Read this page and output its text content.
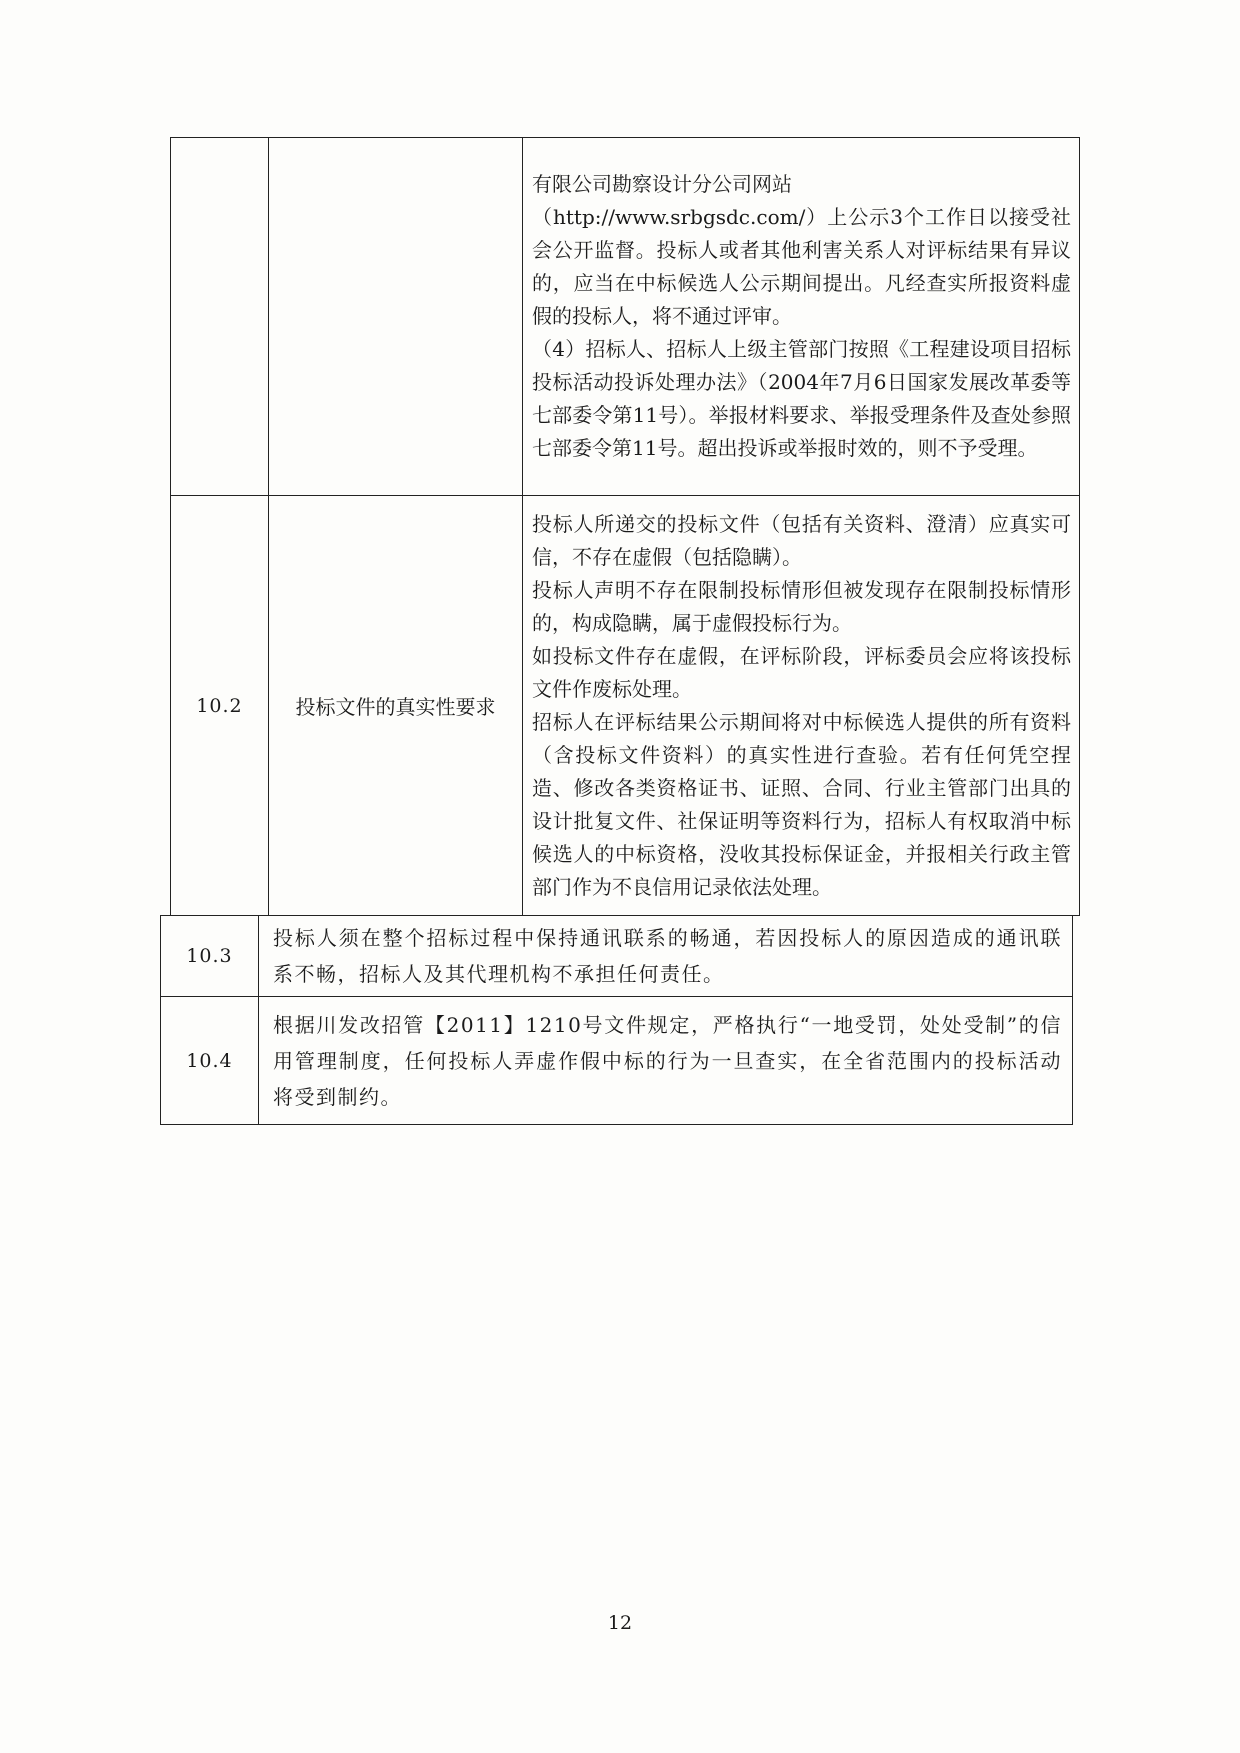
		有限公司勘察设计分公司网站

（http://www.srbgsdc.com/）上公示3个工作日以接受社会公开监督。投标人或者其他利害关系人对评标结果有异议的，应当在中标候选人公示期间提出。凡经查实所报资料虚假的投标人，将不通过评审。

（4）招标人、招标人上级主管部门按照《工程建设项目招标投标活动投诉处理办法》（2004年7月6日国家发展改革委等七部委令第11号）。举报材料要求、举报受理条件及查处参照七部委令第11号。超出投诉或举报时效的，则不予受理。

10.2	投标文件的真实性要求	投标人所递交的投标文件（包括有关资料、澄清）应真实可信，不存在虚假（包括隐瞒）。

投标人声明不存在限制投标情形但被发现存在限制投标情形的，构成隐瞒，属于虚假投标行为。

如投标文件存在虚假，在评标阶段，评标委员会应将该投标文件作废标处理。

招标人在评标结果公示期间将对中标候选人提供的所有资料（含投标文件资料）的真实性进行查验。若有任何凭空捏造、修改各类资格证书、证照、合同、行业主管部门出具的设计批复文件、社保证明等资料行为，招标人有权取消中标候选人的中标资格，没收其投标保证金，并报相关行政主管部门作为不良信用记录依法处理。

10.3	投标人须在整个招标过程中保持通讯联系的畅通，若因投标人的原因造成的通讯联系不畅，招标人及其代理机构不承担任何责任。

10.4	根据川发改招管【2011】1210号文件规定，严格执行“一地受罚，处处受制”的信用管理制度，任何投标人弄虚作假中标的行为一旦查实，在全省范围内的投标活动将受到制约。

12
